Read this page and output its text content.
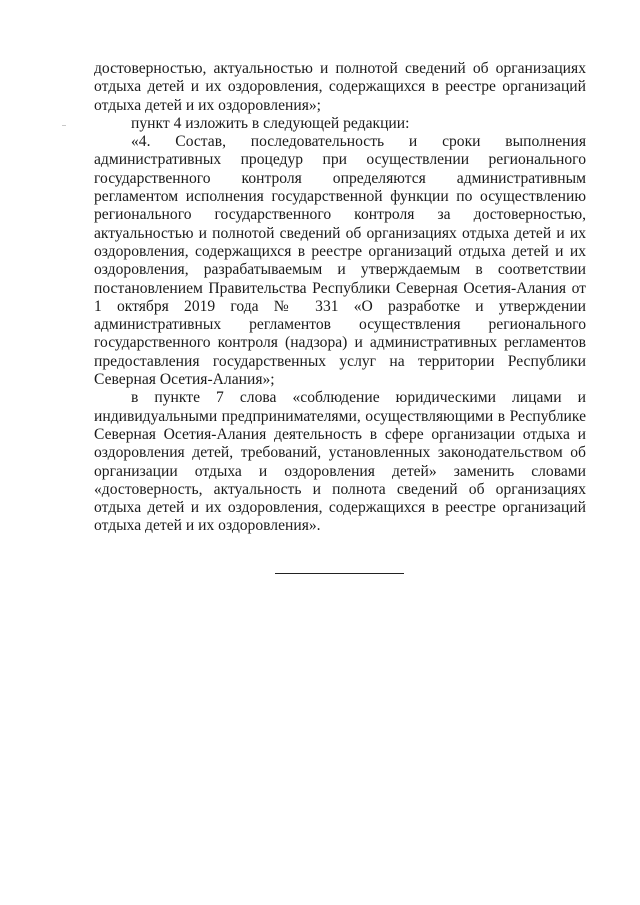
достоверностью, актуальностью и полнотой сведений об организациях отдыха детей и их оздоровления, содержащихся в реестре организаций отдыха детей и их оздоровления»;

пункт 4 изложить в следующей редакции:

«4. Состав, последовательность и сроки выполнения административных процедур при осуществлении регионального государственного контроля определяются административным регламентом исполнения государственной функции по осуществлению регионального государственного контроля за достоверностью, актуальностью и полнотой сведений об организациях отдыха детей и их оздоровления, содержащихся в реестре организаций отдыха детей и их оздоровления, разрабатываемым и утверждаемым в соответствии постановлением Правительства Республики Северная Осетия-Алания от 1 октября 2019 года № 331 «О разработке и утверждении административных регламентов осуществления регионального государственного контроля (надзора) и административных регламентов предоставления государственных услуг на территории Республики Северная Осетия-Алания»;

в пункте 7 слова «соблюдение юридическими лицами и индивидуальными предпринимателями, осуществляющими в Республике Северная Осетия-Алания деятельность в сфере организации отдыха и оздоровления детей, требований, установленных законодательством об организации отдыха и оздоровления детей» заменить словами «достоверность, актуальность и полнота сведений об организациях отдыха детей и их оздоровления, содержащихся в реестре организаций отдыха детей и их оздоровления».
